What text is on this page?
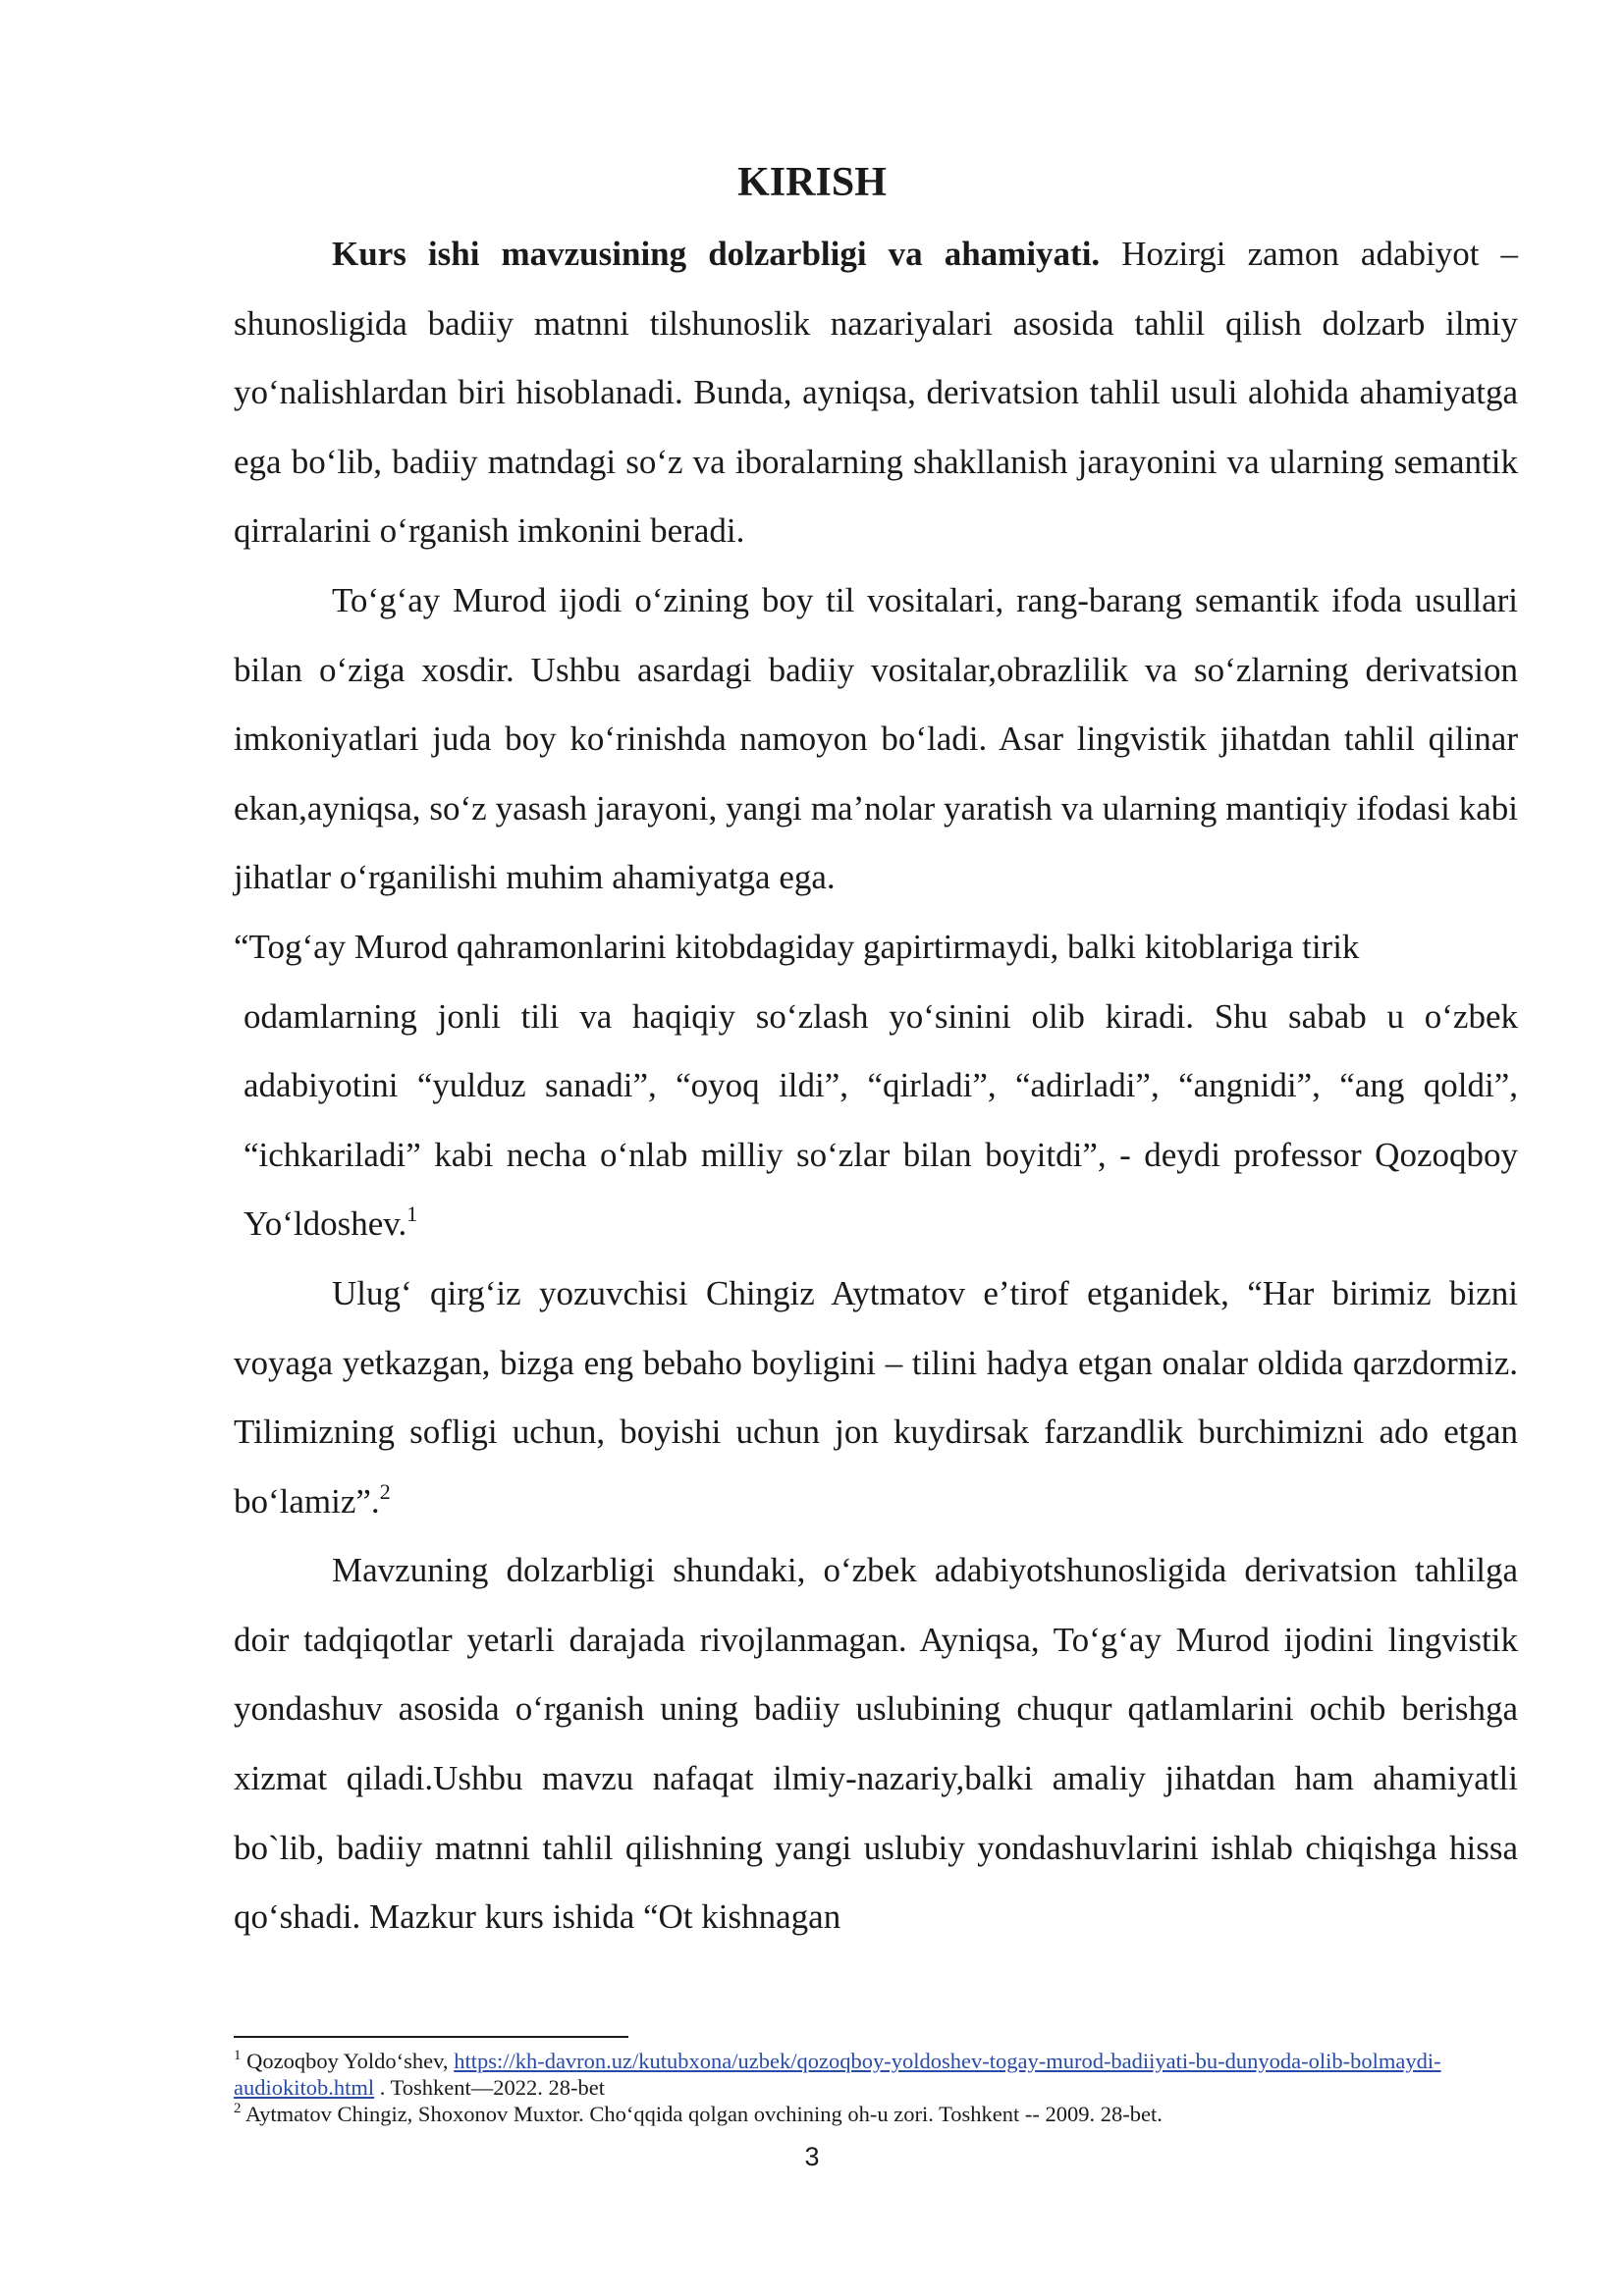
KIRISH

Kurs ishi mavzusining dolzarbligi va ahamiyati. Hozirgi zamon adabiyot – shunosligida badiiy matnni tilshunoslik nazariyalari asosida tahlil qilish dolzarb ilmiy yoʻnalishlardan biri hisoblanadi. Bunda, ayniqsa, derivatsion tahlil usuli alohida ahamiyatga ega boʻlib, badiiy matndagi soʻz va iboralarning shakllanish jarayonini va ularning semantik qirralarini oʻrganish imkonini beradi.

Toʻgʻay Murod ijodi oʻzining boy til vositalari, rang-barang semantik ifoda usullari bilan oʻziga xosdir. Ushbu asardagi badiiy vositalar,obrazlilik va soʻzlarning derivatsion imkoniyatlari juda boy koʻrinishda namoyon boʻladi. Asar lingvistik jihatdan tahlil qilinar ekan,ayniqsa, soʻz yasash jarayoni, yangi maʼnolar yaratish va ularning mantiqiy ifodasi kabi jihatlar oʻrganilishi muhim ahamiyatga ega.

“Togʻay Murod qahramonlarini kitobdagiday gapirtirmaydi, balki kitoblariga tirik

odamlarning jonli tili va haqiqiy soʻzlash yoʻsinini olib kiradi. Shu sabab u oʻzbek adabiyotini “yulduz sanadi”, “oyoq ildi”, “qirladi”, “adirladi”, “angnidi”, “ang qoldi”, “ichkariladi” kabi necha oʻnlab milliy soʻzlar bilan boyitdi”, - deydi professor Qozoqboy Yoʻldoshev.$^1$

Ulugʻ qirgʻiz yozuvchisi Chingiz Aytmatov eʼtirof etganidek, “Har birimiz bizni voyaga yetkazgan, bizga eng bebaho boyligini – tilini hadya etgan onalar oldida qarzdormiz. Tilimizning sofligi uchun, boyishi uchun jon kuydirsak farzandlik burchimizni ado etgan boʻlamiz”.$^2$

Mavzuning dolzarbligi shundaki, oʻzbek adabiyotshunosligida derivatsion tahlilga doir tadqiqotlar yetarli darajada rivojlanmagan. Ayniqsa, Toʻgʻay Murod ijodini lingvistik yondashuv asosida oʻrganish uning badiiy uslubining chuqur qatlamlarini ochib berishga xizmat qiladi.Ushbu mavzu nafaqat ilmiy-nazariy,balki amaliy jihatdan ham ahamiyatli bo`lib, badiiy matnni tahlil qilishning yangi uslubiy yondashuvlarini ishlab chiqishga hissa qoʻshadi. Mazkur kurs ishida “Ot kishnagan

$^1$ Qozoqboy Yoldoʻshev, https://kh-davron.uz/kutubxona/uzbek/qozoqboy-yoldoshev-togay-murod-badiiyati-bu-dunyoda-olib-bolmaydi-audiokitob.html . Toshkent—2022. 28-bet

$^2$ Aytmatov Chingiz, Shoxonov Muxtor. Choʻqqida qolgan ovchining oh-u zori. Toshkent -- 2009. 28-bet.

3
